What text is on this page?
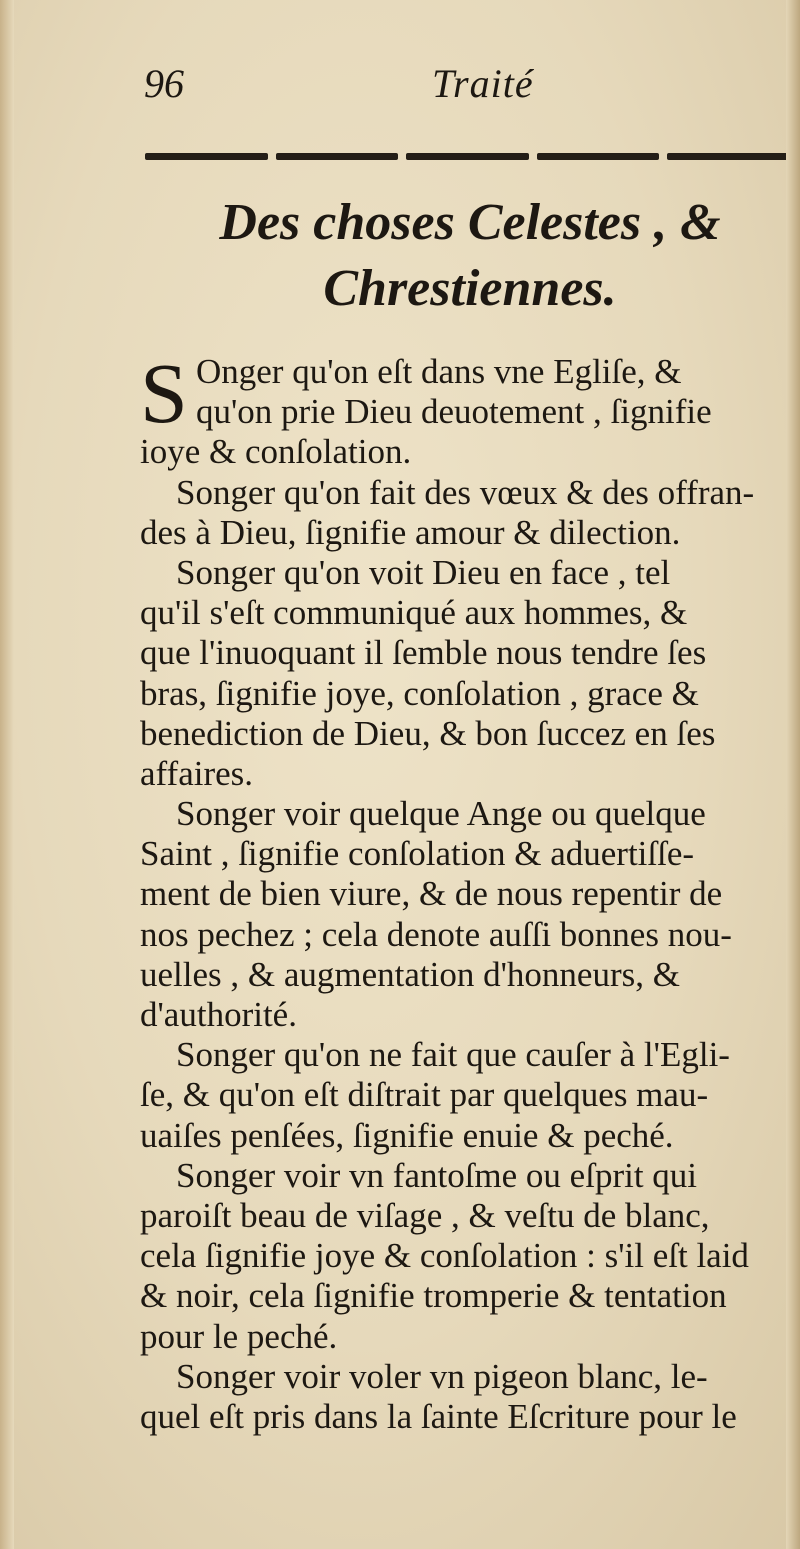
96	Traité
Des choses Celestes , &
Chrestiennes.
S Onger qu'on eſt dans vne Egliſe, &
qu'on prie Dieu deuotement , ſignifie
ioye & conſolation.
Songer qu'on fait des vœux & des offran-
des à Dieu, ſignifie amour & dilection.
Songer qu'on voit Dieu en face , tel
qu'il s'eſt communiqué aux hommes, &
que l'inuoquant il ſemble nous tendre ſes
bras, ſignifie joye, conſolation , grace &
benediction de Dieu, & bon ſuccez en ſes
affaires.
Songer voir quelque Ange ou quelque
Saint , ſignifie conſolation & aduertiſſe-
ment de bien viure, & de nous repentir de
nos pechez ; cela denote auſſi bonnes nou-
uelles , & augmentation d'honneurs, &
d'authorité.
Songer qu'on ne fait que cauſer à l'Egli-
ſe, & qu'on eſt diſtrait par quelques mau-
uaiſes penſées, ſignifie enuie & peché.
Songer voir vn fantoſme ou eſprit qui
paroiſt beau de viſage , & veſtu de blanc,
cela ſignifie joye & conſolation : s'il eſt laid
& noir, cela ſignifie tromperie & tentation
pour le peché.
Songer voir voler vn pigeon blanc, le-
quel eſt pris dans la ſainte Eſcriture pour le
